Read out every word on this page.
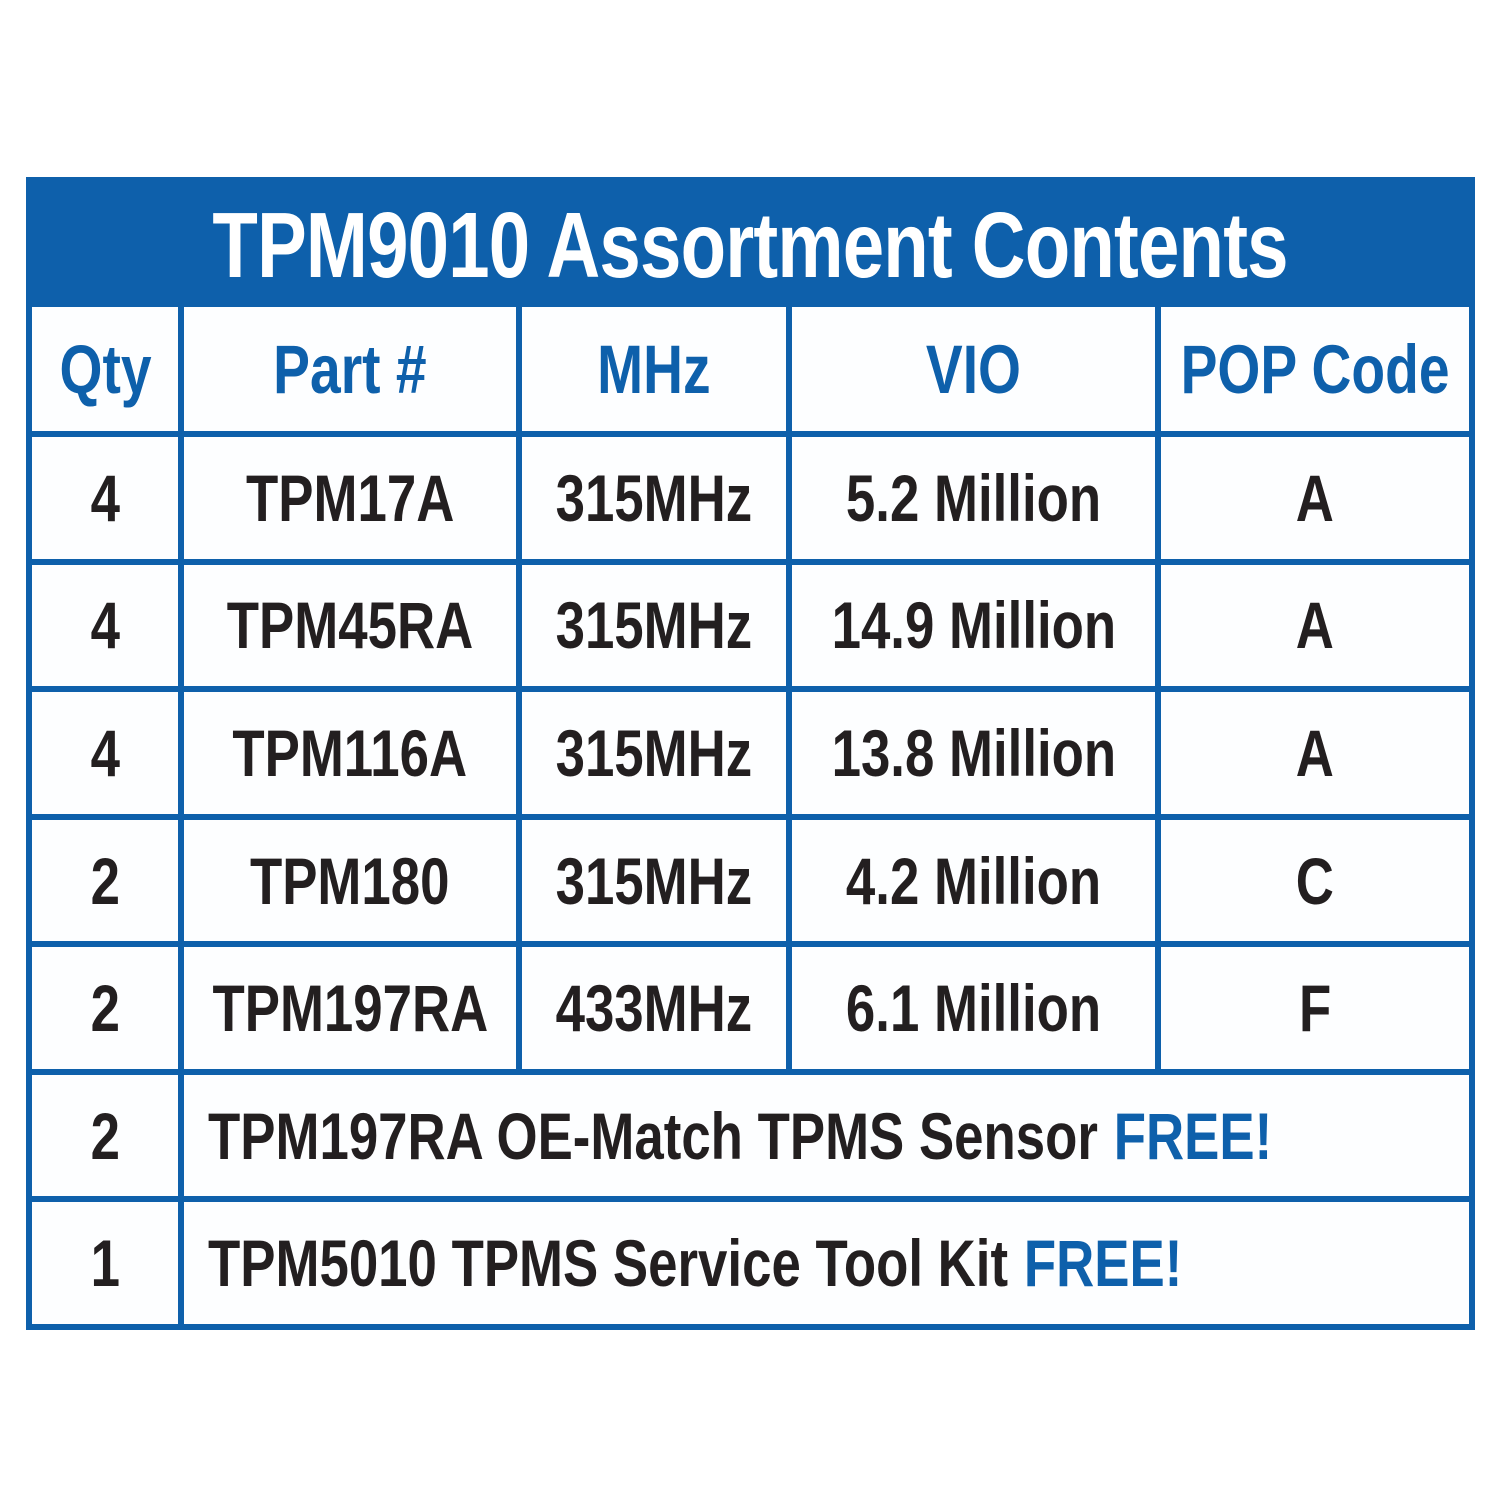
TPM9010 Assortment Contents
Qty Part # MHz	VIO POP Code
4 TPM17A 315MHz 5.2 Million	A
4 TPM45RA 315MHz 14.9 Million	A
4 TPM116A 315MHz 13.8 Million	A
2 TPM180 315MHz 4.2 Million	C
2 TPM197RA 433MHz 6.1 Million	F
2 TPM197RA OE-Match TPMS Sensor FREE!
1 TPM5010 TPMS Service Tool Kit FREE!
